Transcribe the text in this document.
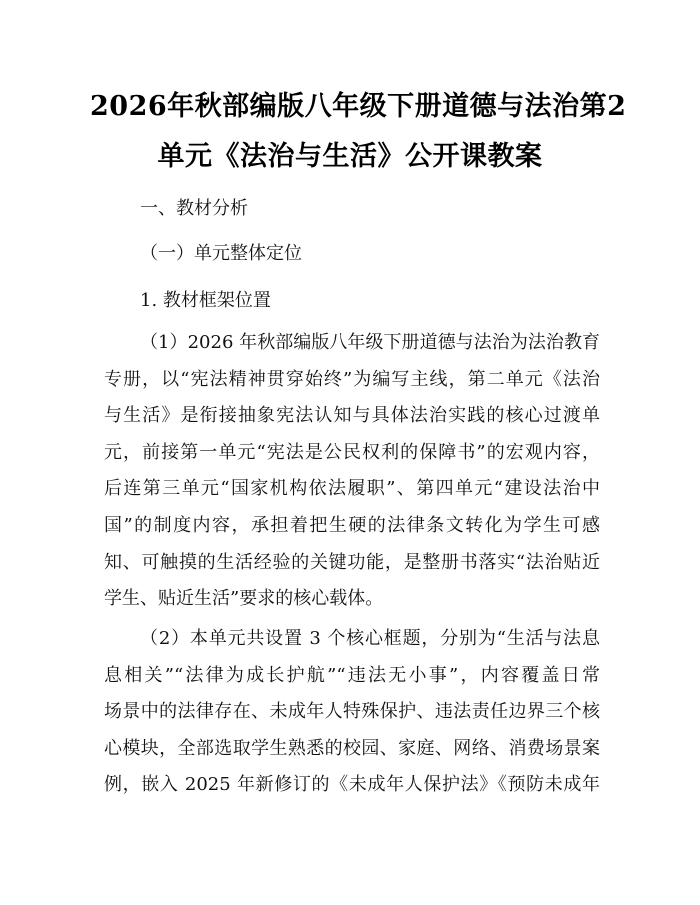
2026年秋部编版八年级下册道德与法治第2
单元《法治与生活》公开课教案
一、教材分析
（一）单元整体定位
1. 教材框架位置
（1）2026 年秋部编版八年级下册道德与法治为法治教育
专册，以“宪法精神贯穿始终”为编写主线，第二单元《法治
与生活》是衔接抽象宪法认知与具体法治实践的核心过渡单
元，前接第一单元“宪法是公民权利的保障书”的宏观内容，
后连第三单元“国家机构依法履职”、第四单元“建设法治中
国”的制度内容，承担着把生硬的法律条文转化为学生可感
知、可触摸的生活经验的关键功能，是整册书落实“法治贴近
学生、贴近生活”要求的核心载体。
（2）本单元共设置 3 个核心框题，分别为“生活与法息
息相关”“法律为成长护航”“违法无小事”，内容覆盖日常
场景中的法律存在、未成年人特殊保护、违法责任边界三个核
心模块，全部选取学生熟悉的校园、家庭、网络、消费场景案
例，嵌入 2025 年新修订的《未成年人保护法》《预防未成年
